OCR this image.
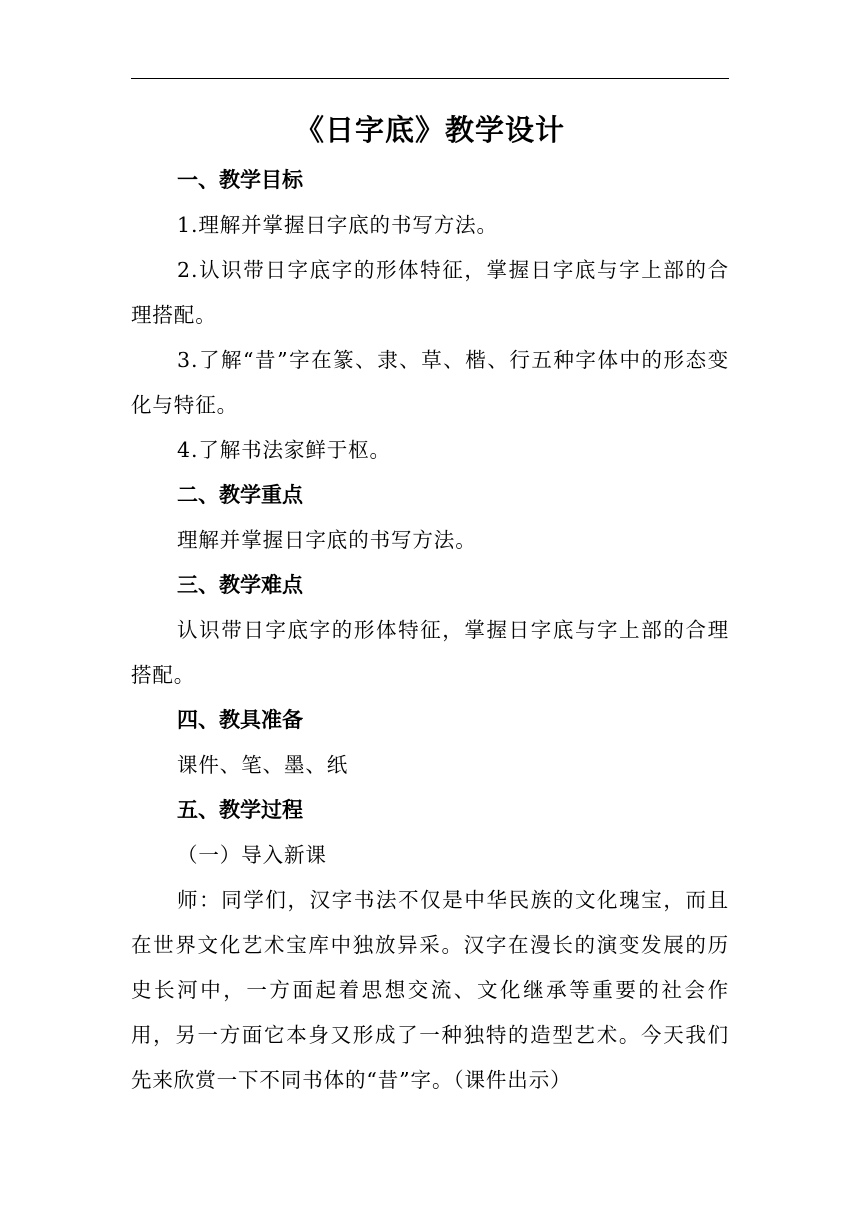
《日字底》教学设计
一、教学目标

1.理解并掌握日字底的书写方法。

2.认识带日字底字的形体特征，掌握日字底与字上部的合理搭配。

3.了解“昔”字在篆、隶、草、楷、行五种字体中的形态变化与特征。

4.了解书法家鲜于枢。

二、教学重点

理解并掌握日字底的书写方法。

三、教学难点

认识带日字底字的形体特征，掌握日字底与字上部的合理搭配。

四、教具准备

课件、笔、墨、纸

五、教学过程

（一）导入新课

师：同学们，汉字书法不仅是中华民族的文化瑰宝，而且在世界文化艺术宝库中独放异采。汉字在漫长的演变发展的历史长河中，一方面起着思想交流、文化继承等重要的社会作用，另一方面它本身又形成了一种独特的造型艺术。今天我们先来欣赏一下不同书体的“昔”字。（课件出示）
